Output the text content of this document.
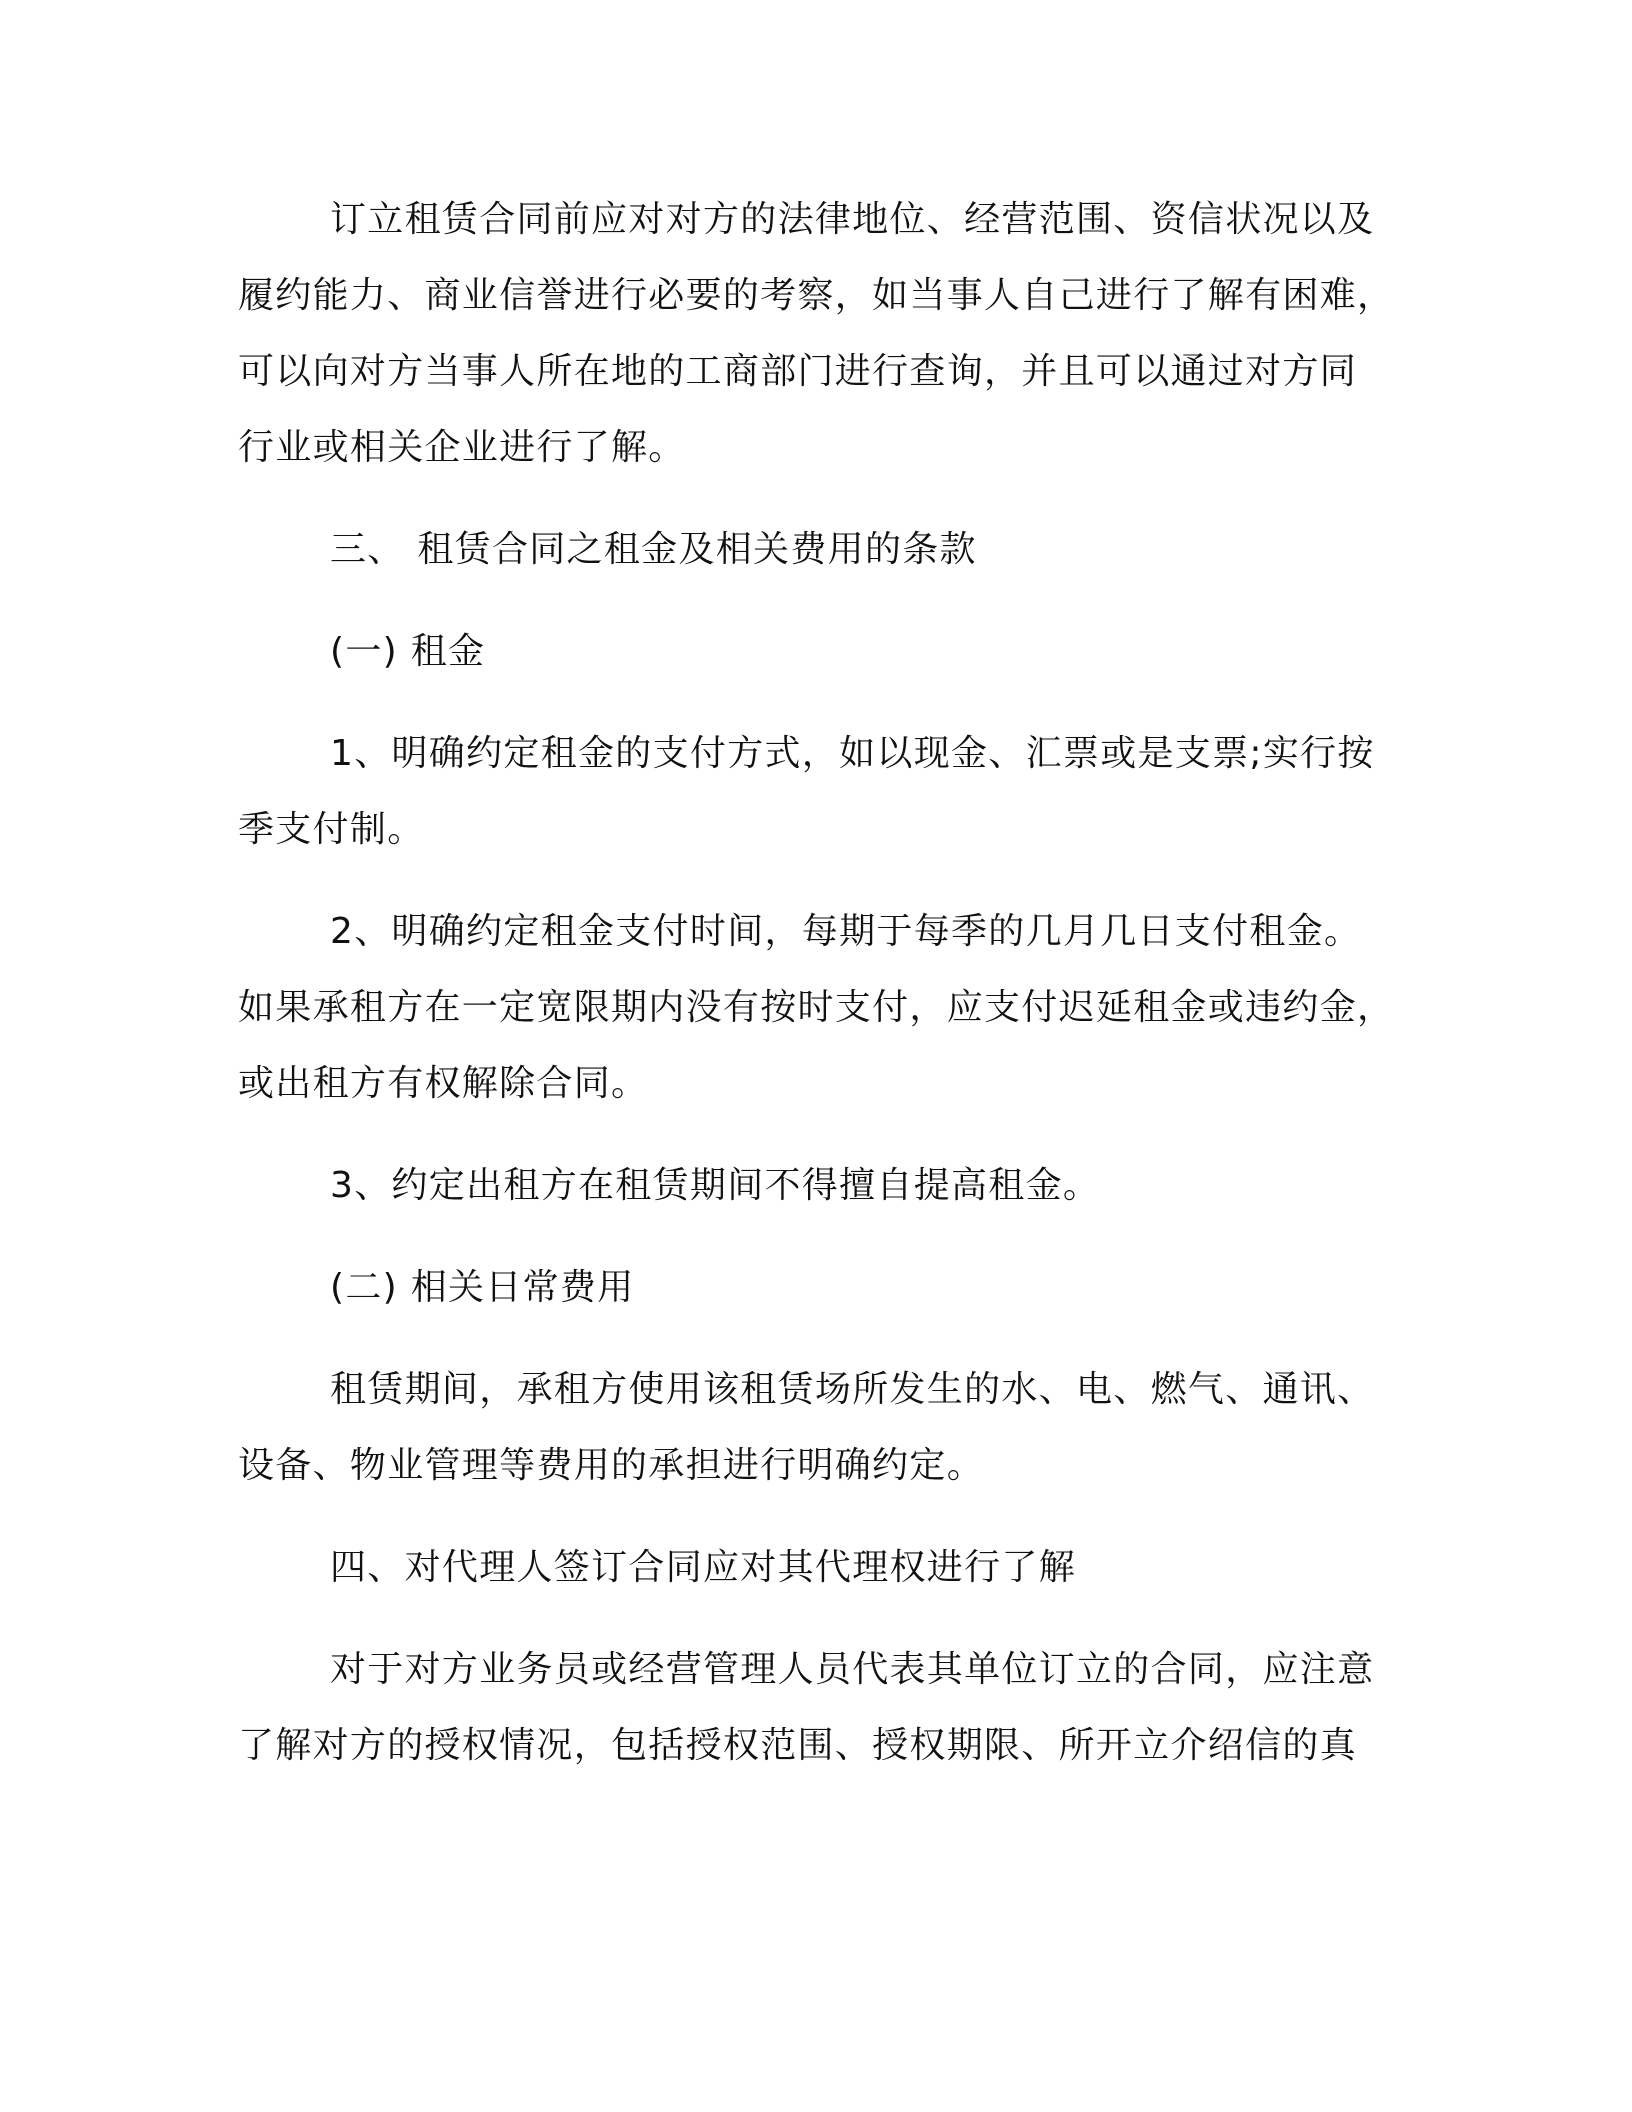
订立租赁合同前应对对方的法律地位、经营范围、资信状况以及
履约能力、商业信誉进行必要的考察，如当事人自己进行了解有困难，
可以向对方当事人所在地的工商部门进行查询，并且可以通过对方同
行业或相关企业进行了解。
三、 租赁合同之租金及相关费用的条款
(一) 租金
1、明确约定租金的支付方式，如以现金、汇票或是支票;实行按
季支付制。
2、明确约定租金支付时间，每期于每季的几月几日支付租金。
如果承租方在一定宽限期内没有按时支付，应支付迟延租金或违约金，
或出租方有权解除合同。
3、约定出租方在租赁期间不得擅自提高租金。
(二) 相关日常费用
租赁期间，承租方使用该租赁场所发生的水、电、燃气、通讯、
设备、物业管理等费用的承担进行明确约定。
四、对代理人签订合同应对其代理权进行了解
对于对方业务员或经营管理人员代表其单位订立的合同，应注意
了解对方的授权情况，包括授权范围、授权期限、所开立介绍信的真
